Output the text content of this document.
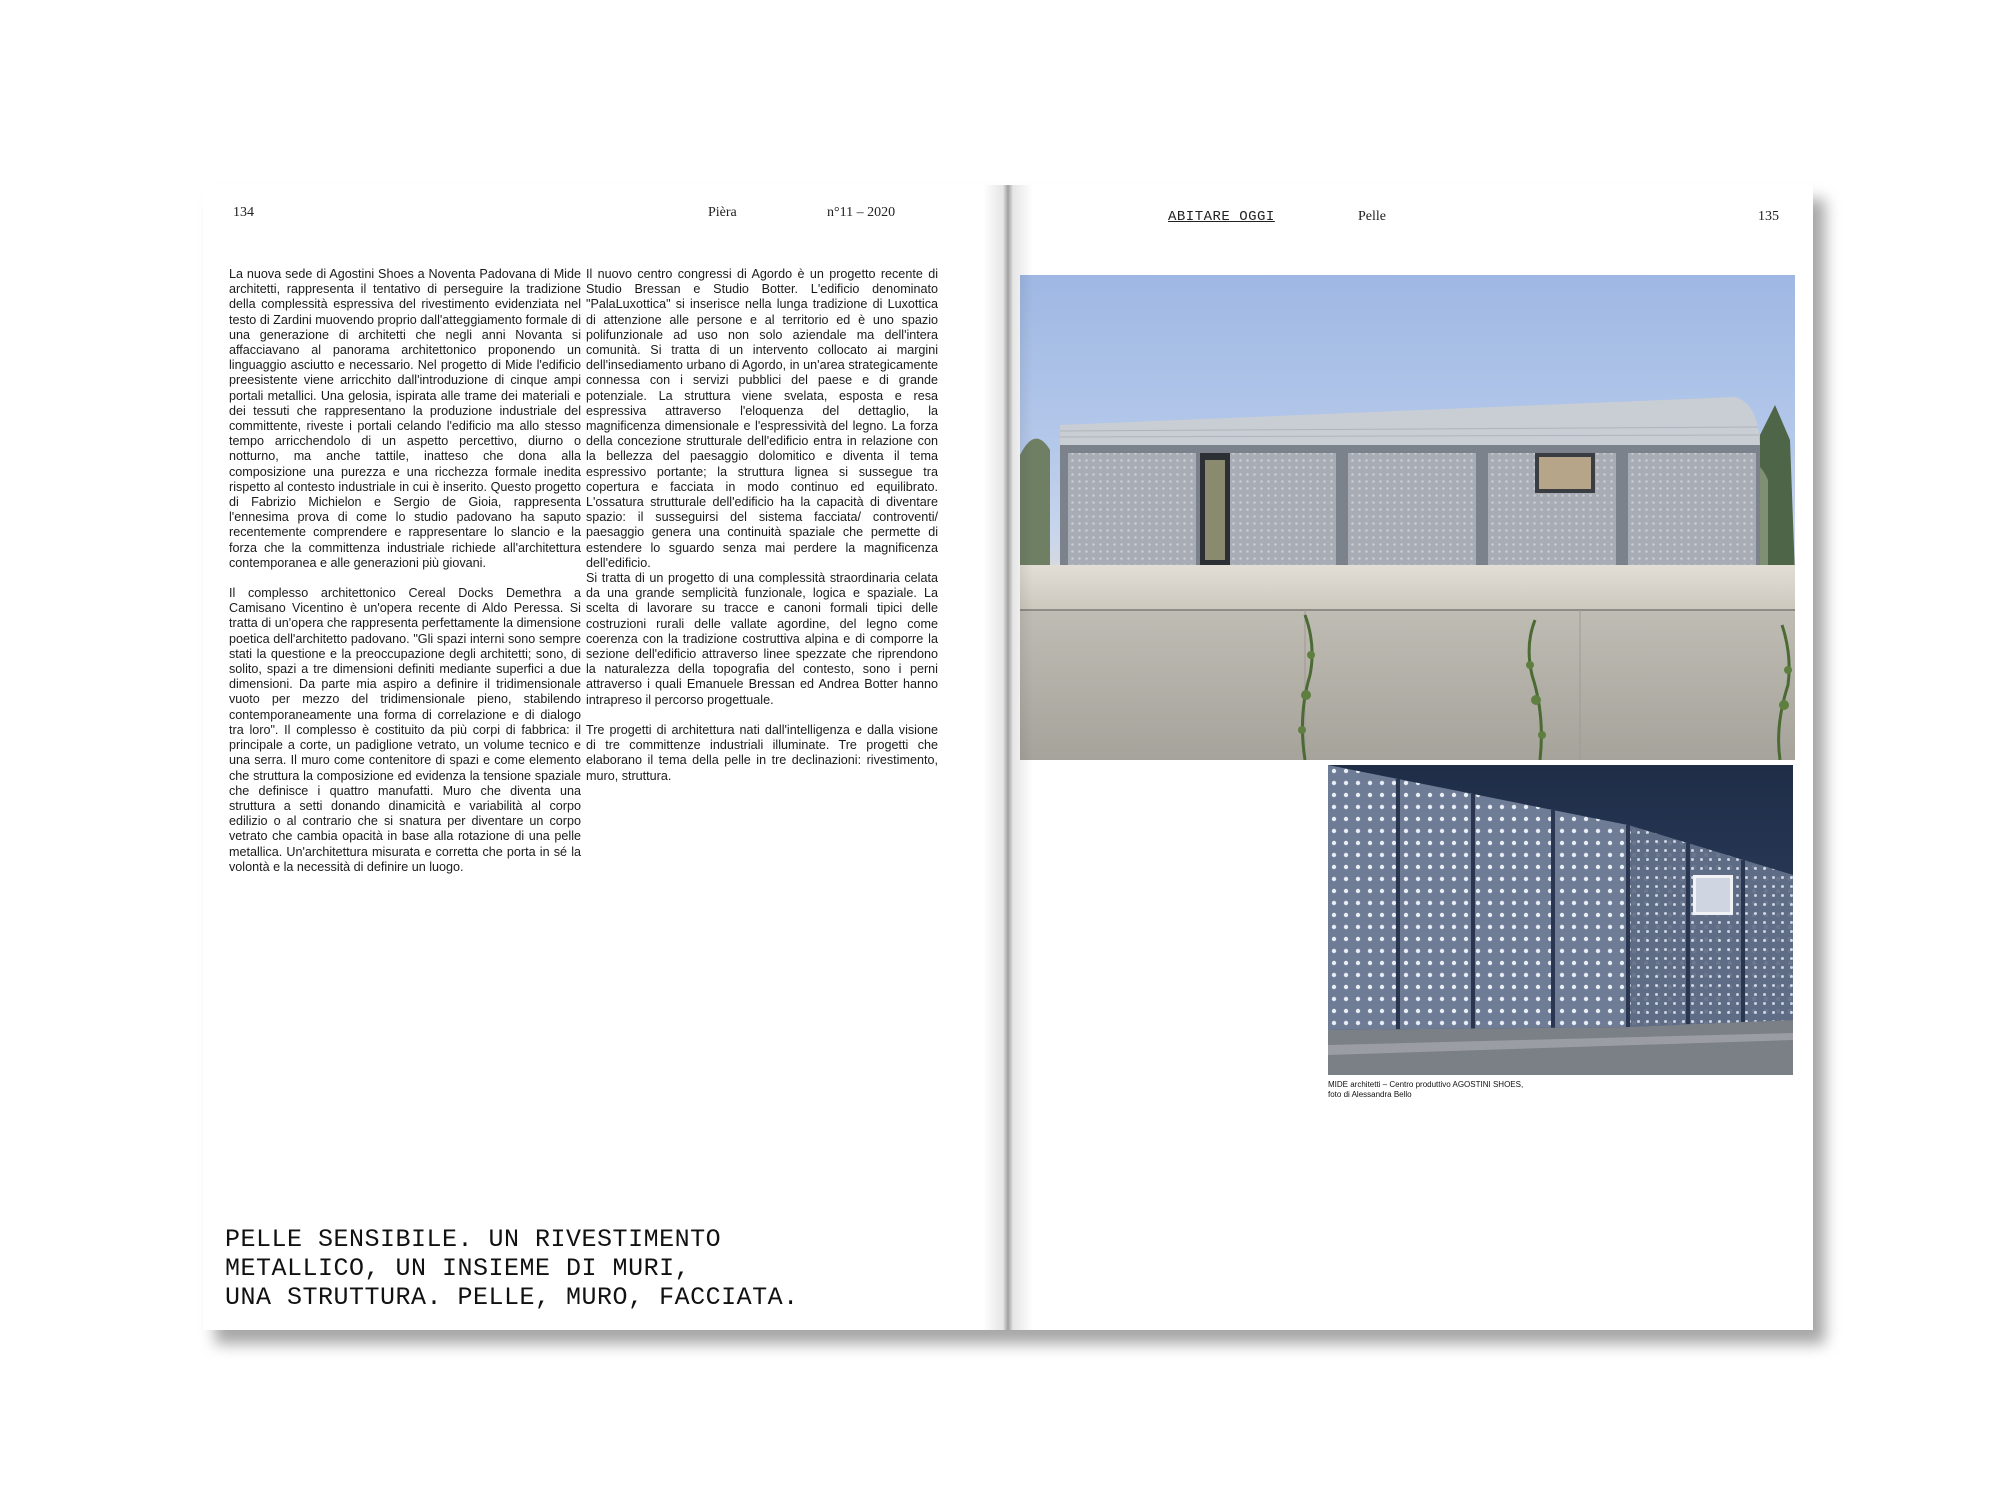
134	Pièra	n°11 – 2020

La nuova sede di Agostini Shoes a Noventa Padovana di Mide architetti, rappresenta il tentativo di perseguire la tradizione della complessità espressiva del rivestimento evidenziata nel testo di Zardini muovendo proprio dall'atteggiamento formale di una generazione di architetti che negli anni Novanta si affacciavano al panorama architettonico proponendo un linguaggio asciutto e necessario. Nel progetto di Mide l'edificio preesistente viene arricchito dall'introduzione di cinque ampi portali metallici. Una gelosia, ispirata alle trame dei materiali e dei tessuti che rappresentano la produzione industriale del committente, riveste i portali celando l'edificio ma allo stesso tempo arricchendolo di un aspetto percettivo, diurno o notturno, ma anche tattile, inatteso che dona alla composizione una purezza e una ricchezza formale inedita rispetto al contesto industriale in cui è inserito. Questo progetto di Fabrizio Michielon e Sergio de Gioia, rappresenta l'ennesima prova di come lo studio padovano ha saputo recentemente comprendere e rappresentare lo slancio e la forza che la committenza industriale richiede all'architettura contemporanea e alle generazioni più giovani.

Il complesso architettonico Cereal Docks Demethra a Camisano Vicentino è un'opera recente di Aldo Peressa. Si tratta di un'opera che rappresenta perfettamente la dimensione poetica dell'architetto padovano. "Gli spazi interni sono sempre stati la questione e la preoccupazione degli architetti; sono, di solito, spazi a tre dimensioni definiti mediante superfici a due dimensioni. Da parte mia aspiro a definire il tridimensionale vuoto per mezzo del tridimensionale pieno, stabilendo contemporaneamente una forma di correlazione e di dialogo tra loro". Il complesso è costituito da più corpi di fabbrica: il principale a corte, un padiglione vetrato, un volume tecnico e una serra. Il muro come contenitore di spazi e come elemento che struttura la composizione ed evidenza la tensione spaziale che definisce i quattro manufatti. Muro che diventa una struttura a setti donando dinamicità e variabilità al corpo edilizio o al contrario che si snatura per diventare un corpo vetrato che cambia opacità in base alla rotazione di una pelle metallica. Un'architettura misurata e corretta che porta in sé la volontà e la necessità di definire un luogo.

Il nuovo centro congressi di Agordo è un progetto recente di Studio Bressan e Studio Botter. L'edificio denominato "PalaLuxottica" si inserisce nella lunga tradizione di Luxottica di attenzione alle persone e al territorio ed è uno spazio polifunzionale ad uso non solo aziendale ma dell'intera comunità. Si tratta di un intervento collocato ai margini dell'insediamento urbano di Agordo, in un'area strategicamente connessa con i servizi pubblici del paese e di grande potenziale. La struttura viene svelata, esposta e resa espressiva attraverso l'eloquenza del dettaglio, la magnificenza dimensionale e l'espressività del legno. La forza della concezione strutturale dell'edificio entra in relazione con la bellezza del paesaggio dolomitico e diventa il tema espressivo portante; la struttura lignea si susseguе tra copertura e facciata in modo continuo ed equilibrato. L'ossatura strutturale dell'edificio ha la capacità di diventare spazio: il susseguirsi del sistema facciata/ controventi/ paesaggio genera una continuità spaziale che permette di estendere lo sguardo senza mai perdere la magnificenza dell'edificio.

Si tratta di un progetto di una complessità straordinaria celata da una grande semplicità funzionale, logica e spaziale. La scelta di lavorare su tracce e canoni formali tipici delle costruzioni rurali delle vallate agordine, del legno come coerenza con la tradizione costruttiva alpina e di comporre la sezione dell'edificio attraverso linee spezzate che riprendono la naturalezza della topografia del contesto, sono i perni attraverso i quali Emanuele Bressan ed Andrea Botter hanno intrapreso il percorso progettuale.

Tre progetti di architettura nati dall'intelligenza e dalla visione di tre committenze industriali illuminate. Tre progetti che elaborano il tema della pelle in tre declinazioni: rivestimento, muro, struttura.

PELLE SENSIBILE. UN RIVESTIMENTO
METALLICO, UN INSIEME DI MURI,
UNA STRUTTURA. PELLE, MURO, FACCIATA.
ABITARE OGGI	Pelle	135
MIDE architetti – Centro produttivo AGOSTINI SHOES,
foto di Alessandra Bello
